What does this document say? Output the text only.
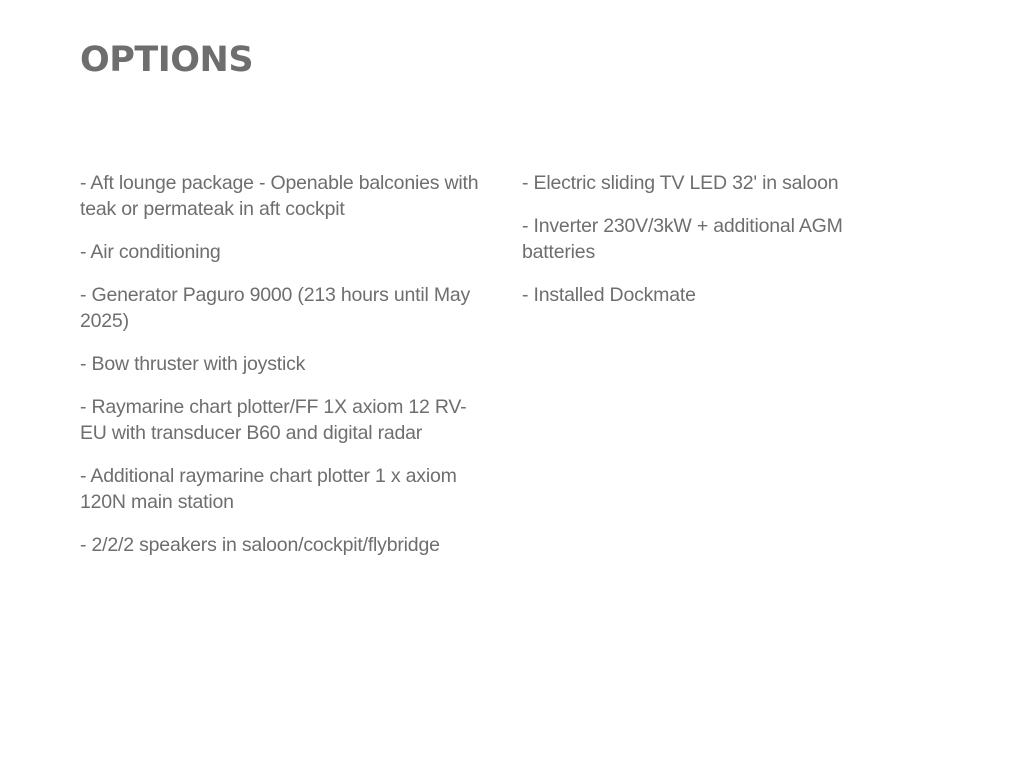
OPTIONS
- Aft lounge package - Openable balconies with teak or permateak in aft cockpit
- Air conditioning
- Generator Paguro 9000 (213 hours until May 2025)
- Bow thruster with joystick
- Raymarine chart plotter/FF 1X axiom 12 RV-EU with transducer B60 and digital radar
- Additional raymarine chart plotter 1 x axiom 120N main station
- 2/2/2 speakers in saloon/cockpit/flybridge
- Electric sliding TV LED 32' in saloon
- Inverter 230V/3kW + additional AGM batteries
- Installed Dockmate
